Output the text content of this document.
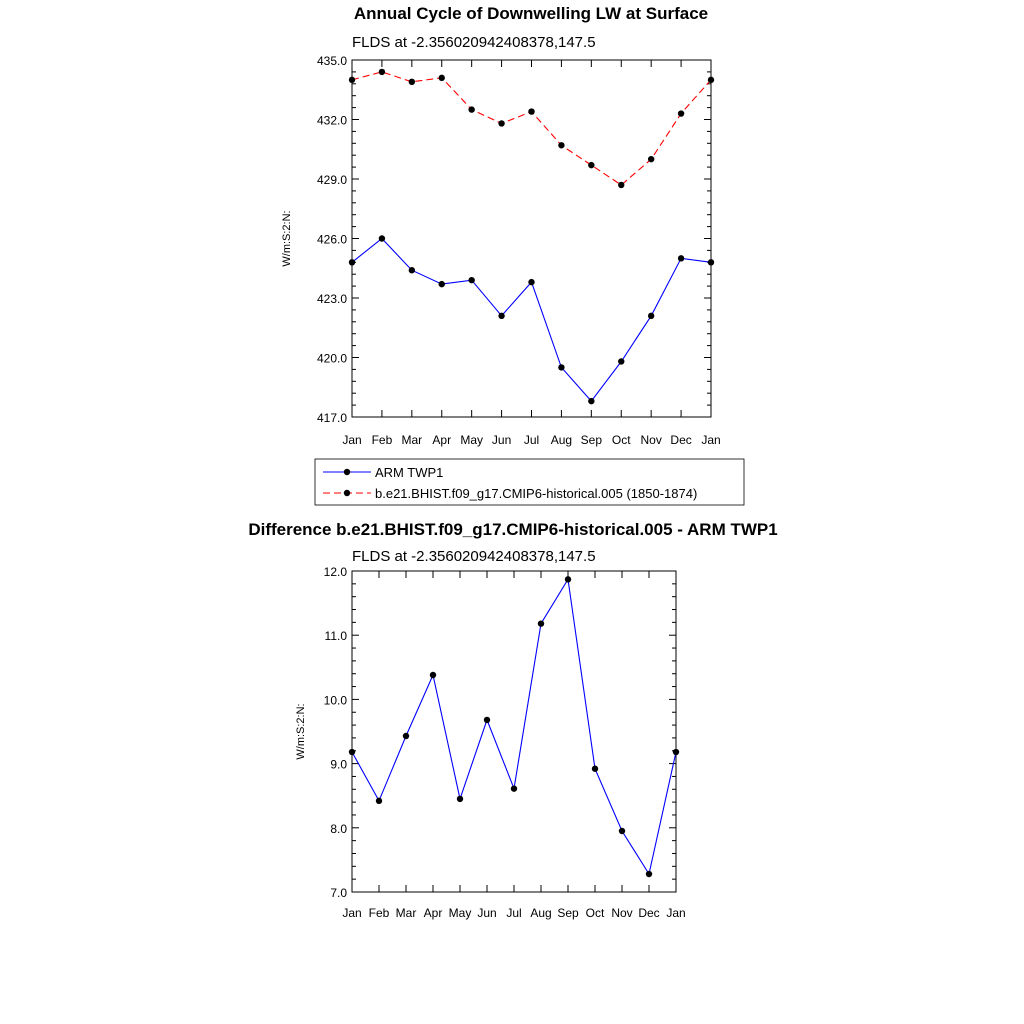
Annual Cycle of Downwelling LW at Surface
FLDS at -2.356020942408378,147.5
417.0
420.0
423.0
426.0
429.0
432.0
435.0
Jan Feb Mar Apr May Jun Jul Aug Sep Oct Nov Dec Jan
W/m:S:2:N:
ARM TWP1
b.e21.BHIST.f09_g17.CMIP6-historical.005 (1850-1874)
Difference b.e21.BHIST.f09_g17.CMIP6-historical.005 - ARM TWP1
FLDS at -2.356020942408378,147.5
7.0
8.0
9.0
10.0
11.0
12.0
Jan Feb Mar Apr May Jun Jul Aug Sep Oct Nov Dec Jan
W/m:S:2:N:
